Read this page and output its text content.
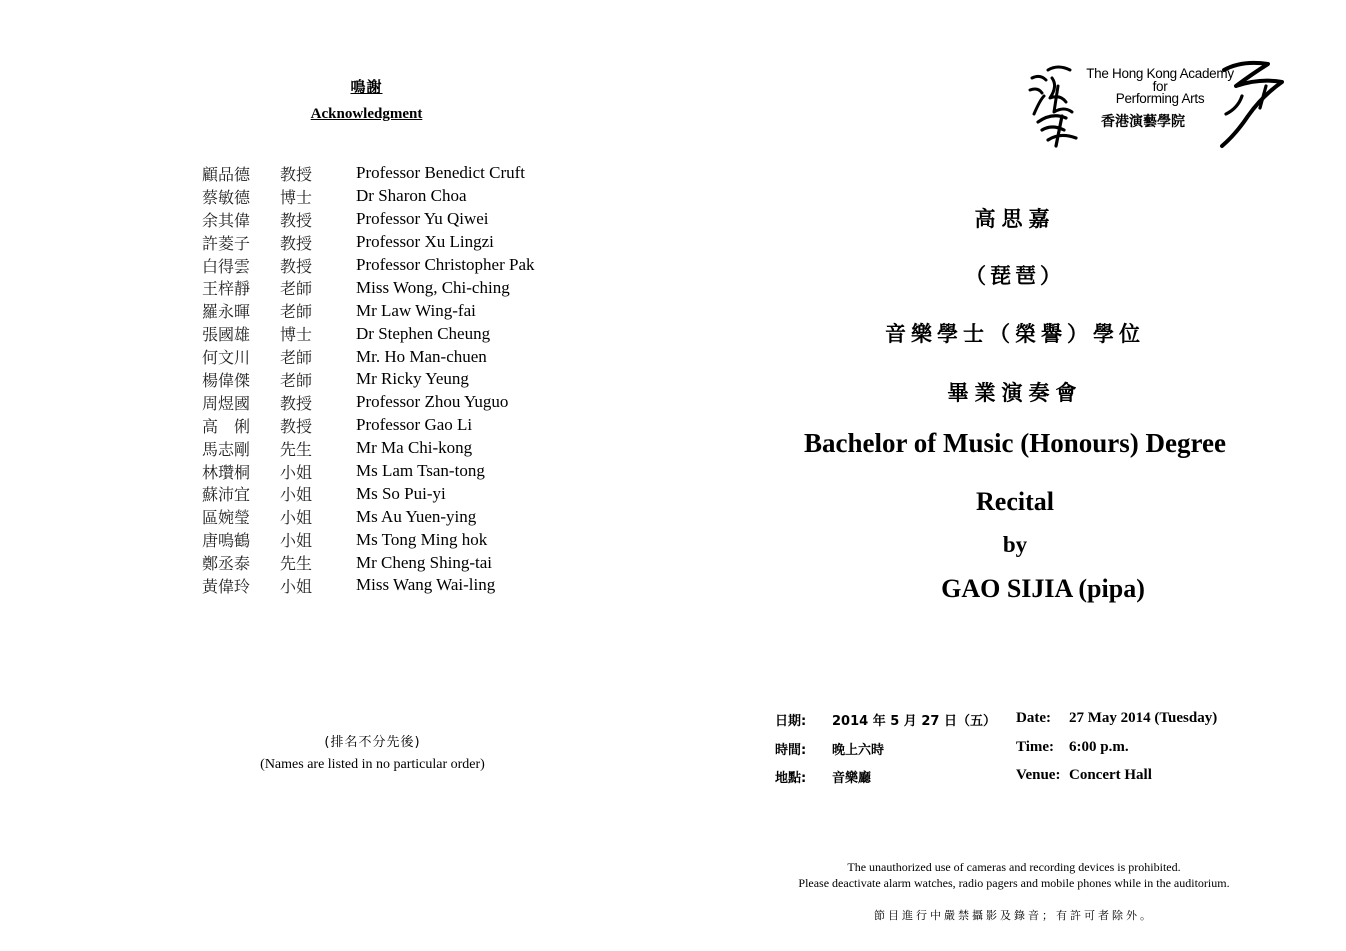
鳴謝
Acknowledgment
顧品德	教授	Professor Benedict Cruft
蔡敏德	博士	Dr Sharon Choa
余其偉	教授	Professor Yu Qiwei
許菱子	教授	Professor Xu Lingzi
白得雲	教授	Professor Christopher Pak
王梓靜	老師	Miss Wong, Chi-ching
羅永暉	老師	Mr Law Wing-fai
張國雄	博士	Dr Stephen Cheung
何文川	老師	Mr. Ho Man-chuen
楊偉傑	老師	Mr Ricky Yeung
周煜國	教授	Professor Zhou Yuguo
高　俐	教授	Professor Gao Li
馬志剛	先生	Mr Ma Chi-kong
林瓚桐	小姐	Ms Lam Tsan-tong
蘇沛宜	小姐	Ms So Pui-yi
區婉瑩	小姐	Ms Au Yuen-ying
唐鳴鶴	小姐	Ms Tong Ming hok
鄭丞泰	先生	Mr Cheng Shing-tai
黃偉玲	小姐	Miss Wang Wai-ling
(排名不分先後)
(Names are listed in no particular order)
The Hong Kong Academy
for
Performing Arts
香港演藝學院
高思嘉
（琵琶）
音樂學士（榮譽）學位
畢業演奏會
Bachelor of Music (Honours) Degree
Recital
by
GAO SIJIA (pipa)
日期: 2014 年 5 月 27 日（五） Date: 27 May 2014 (Tuesday)
時間: 晚上六時	Time: 6:00 p.m.
地點: 音樂廳	Venue: Concert Hall
The unauthorized use of cameras and recording devices is prohibited.
Please deactivate alarm watches, radio pagers and mobile phones while in the auditorium.
節目進行中嚴禁攝影及錄音；有許可者除外。
